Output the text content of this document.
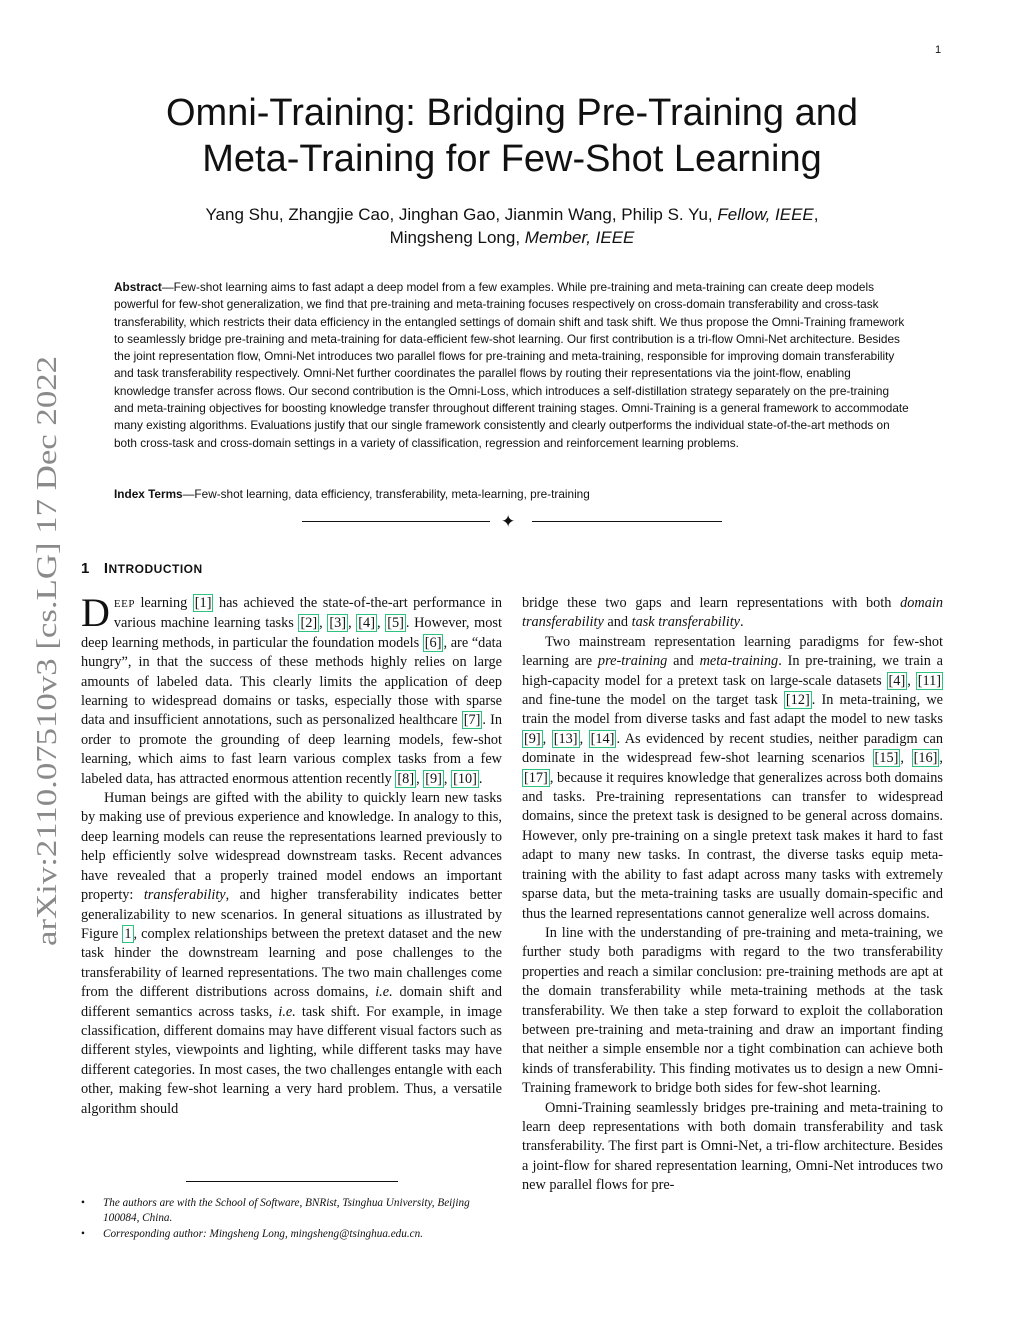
1
arXiv:2110.07510v3 [cs.LG] 17 Dec 2022
Omni-Training: Bridging Pre-Training and
Meta-Training for Few-Shot Learning
Yang Shu, Zhangjie Cao, Jinghan Gao, Jianmin Wang, Philip S. Yu, Fellow, IEEE,
Mingsheng Long, Member, IEEE
Abstract—Few-shot learning aims to fast adapt a deep model from a few examples. While pre-training and meta-training can create deep models powerful for few-shot generalization, we find that pre-training and meta-training focuses respectively on cross-domain transferability and cross-task transferability, which restricts their data efficiency in the entangled settings of domain shift and task shift. We thus propose the Omni-Training framework to seamlessly bridge pre-training and meta-training for data-efficient few-shot learning. Our first contribution is a tri-flow Omni-Net architecture. Besides the joint representation flow, Omni-Net introduces two parallel flows for pre-training and meta-training, responsible for improving domain transferability and task transferability respectively. Omni-Net further coordinates the parallel flows by routing their representations via the joint-flow, enabling knowledge transfer across flows. Our second contribution is the Omni-Loss, which introduces a self-distillation strategy separately on the pre-training and meta-training objectives for boosting knowledge transfer throughout different training stages. Omni-Training is a general framework to accommodate many existing algorithms. Evaluations justify that our single framework consistently and clearly outperforms the individual state-of-the-art methods on both cross-task and cross-domain settings in a variety of classification, regression and reinforcement learning problems.
Index Terms—Few-shot learning, data efficiency, transferability, meta-learning, pre-training
✦
1 INTRODUCTION

DEEP learning [1] has achieved the state-of-the-art performance in various machine learning tasks [2] , [3] , [4] , [5] . However, most deep learning methods, in particular the foundation models [6] , are “data hungry”, in that the success of these methods highly relies on large amounts of labeled data. This clearly limits the application of deep learning to widespread domains or tasks, especially those with sparse data and insufficient annotations, such as personalized healthcare [7] . In order to promote the grounding of deep learning models, few-shot learning, which aims to fast learn various complex tasks from a few labeled data, has attracted enormous attention recently [8] , [9] , [10] .

Human beings are gifted with the ability to quickly learn new tasks by making use of previous experience and knowledge. In analogy to this, deep learning models can reuse the representations learned previously to help efficiently solve widespread downstream tasks. Recent advances have revealed that a properly trained model endows an important property: transferability, and higher transferability indicates better generalizability to new scenarios. In general situations as illustrated by Figure 1 , complex relationships between the pretext dataset and the new task hinder the downstream learning and pose challenges to the transferability of learned representations. The two main challenges come from the different distributions across domains, i.e. domain shift and different semantics across tasks, i.e. task shift. For example, in image classification, different domains may have different visual factors such as different styles, viewpoints and lighting, while different tasks may have different categories. In most cases, the two challenges entangle with each other, making few-shot learning a very hard problem. Thus, a versatile algorithm should

bridge these two gaps and learn representations with both domain transferability and task transferability.

Two mainstream representation learning paradigms for few-shot learning are pre-training and meta-training. In pre-training, we train a high-capacity model for a pretext task on large-scale datasets [4] , [11] and fine-tune the model on the target task [12] . In meta-training, we train the model from diverse tasks and fast adapt the model to new tasks [9] , [13] , [14] . As evidenced by recent studies, neither paradigm can dominate in the widespread few-shot learning scenarios [15] , [16] , [17] , because it requires knowledge that generalizes across both domains and tasks. Pre-training representations can transfer to widespread domains, since the pretext task is designed to be general across domains. However, only pre-training on a single pretext task makes it hard to fast adapt to many new tasks. In contrast, the diverse tasks equip meta-training with the ability to fast adapt across many tasks with extremely sparse data, but the meta-training tasks are usually domain-specific and thus the learned representations cannot generalize well across domains.

In line with the understanding of pre-training and meta-training, we further study both paradigms with regard to the two transferability properties and reach a similar conclusion: pre-training methods are apt at the domain transferability while meta-training methods at the task transferability. We then take a step forward to exploit the collaboration between pre-training and meta-training and draw an important finding that neither a simple ensemble nor a tight combination can achieve both kinds of transferability. This finding motivates us to design a new Omni-Training framework to bridge both sides for few-shot learning.

Omni-Training seamlessly bridges pre-training and meta-training to learn deep representations with both domain transferability and task transferability. The first part is Omni-Net, a tri-flow architecture. Besides a joint-flow for shared representation learning, Omni-Net introduces two new parallel flows for pre-

• The authors are with the School of Software, BNRist, Tsinghua University, Beijing 100084, China.
• Corresponding author: Mingsheng Long, mingsheng@tsinghua.edu.cn.
